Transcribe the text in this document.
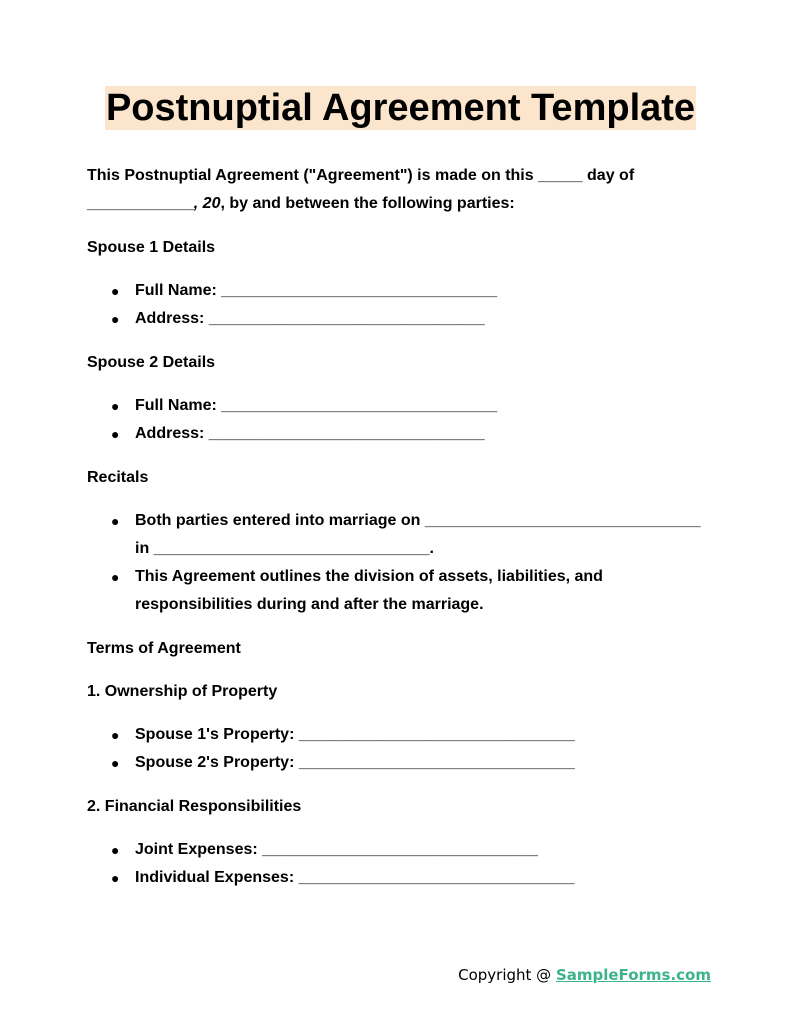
Postnuptial Agreement Template

This Postnuptial Agreement ("Agreement") is made on this _____ day of ____________, 20, by and between the following parties:

Spouse 1 Details

● Full Name: _______________________________
● Address: _______________________________

Spouse 2 Details

● Full Name: _______________________________
● Address: _______________________________

Recitals

● Both parties entered into marriage on _______________________________ in _______________________________.
● This Agreement outlines the division of assets, liabilities, and responsibilities during and after the marriage.

Terms of Agreement

1. Ownership of Property

● Spouse 1's Property: _______________________________
● Spouse 2's Property: _______________________________

2. Financial Responsibilities

● Joint Expenses: _______________________________
● Individual Expenses: _______________________________
Copyright @ SampleForms.com
